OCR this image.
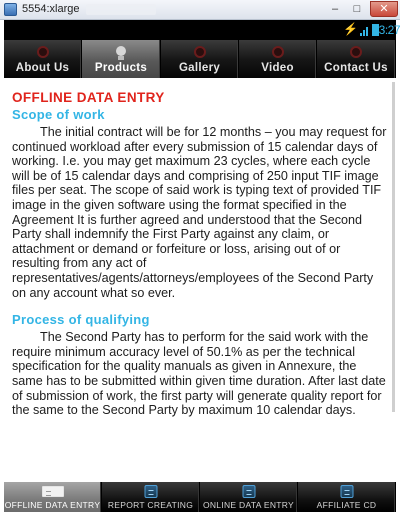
5554:xlarge	–	□	✕
⚡ 3:27
About Us	Products	Gallery	Video	Contact Us
OFFLINE DATA ENTRY
Scope of work

The initial contract will be for 12 months – you may request for continued workload after every submission of 15 calendar days of working. I.e. you may get maximum 23 cycles, where each cycle will be of 15 calendar days and comprising of 250 input TIF image files per seat. The scope of said work is typing text of provided TIF image in the given software using the format specified in the Agreement It is further agreed and understood that the Second Party shall indemnify the First Party against any claim, or attachment or demand or forfeiture or loss, arising out of or resulting from any act of representatives/agents/attorneys/employees of the Second Party on any account what so ever.

Process of qualifying

The Second Party has to perform for the said work with the require minimum accuracy level of 50.1% as per the technical specification for the quality manuals as given in Annexure, the same has to be submitted within given time duration. After last date of submission of work, the first party will generate quality report for the same to the Second Party by maximum 10 calendar days.

OFFLINE DATA ENTRY REPORT CREATING	ONLINE DATA ENTRY	AFFILIATE CD
